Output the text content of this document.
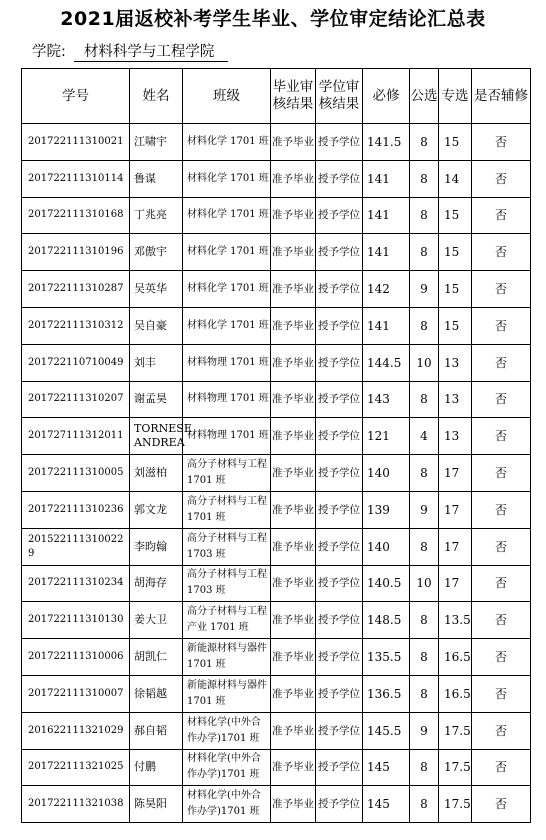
2021届返校补考学生毕业、学位审定结论汇总表
学院: 材料科学与工程学院
学号	姓名	班级	毕业审核结果	学位审核结果	必修	公选	专选	是否辅修
201722111310021	江啸宇	材料化学 1701 班	准予毕业	授予学位	141.5	8	15	否
201722111310114	鲁谋	材料化学 1701 班	准予毕业	授予学位	141	8	14	否
201722111310168	丁兆亮	材料化学 1701 班	准予毕业	授予学位	141	8	15	否
201722111310196	邓傲宇	材料化学 1701 班	准予毕业	授予学位	141	8	15	否
201722111310287	吴英华	材料化学 1701 班	准予毕业	授予学位	142	9	15	否
201722111310312	吴自豪	材料化学 1701 班	准予毕业	授予学位	141	8	15	否
201722110710049	刘丰	材料物理 1701 班	准予毕业	授予学位	144.5	10	13	否
201722111310207	谢孟昊	材料物理 1701 班	准予毕业	授予学位	143	8	13	否
201727111312011	TORNESE ANDREA	材料物理 1701 班	准予毕业	授予学位	121	4	13	否
201722111310005	刘滋柏	高分子材料与工程 1701 班	准予毕业	授予学位	140	8	17	否
201722111310236	郭文龙	高分子材料与工程 1701 班	准予毕业	授予学位	139	9	17	否
201522111310022​9	李昀翰	高分子材料与工程 1703 班	准予毕业	授予学位	140	8	17	否
201722111310234	胡海存	高分子材料与工程 1703 班	准予毕业	授予学位	140.5	10	17	否
201722111310130	姜大卫	高分子材料与工程产业 1701 班	准予毕业	授予学位	148.5	8	13.5	否
201722111310006	胡凯仁	新能源材料与器件 1701 班	准予毕业	授予学位	135.5	8	16.5	否
201722111310007	徐韬越	新能源材料与器件 1701 班	准予毕业	授予学位	136.5	8	16.5	否
201622111321029	郝自韬	材料化学(中外合作办学)1701 班	准予毕业	授予学位	145.5	9	17.5	否
201722111321025	付鹏	材料化学(中外合作办学)1701 班	准予毕业	授予学位	145	8	17.5	否
201722111321038	陈昊阳	材料化学(中外合作办学)1701 班	准予毕业	授予学位	145	8	17.5	否
